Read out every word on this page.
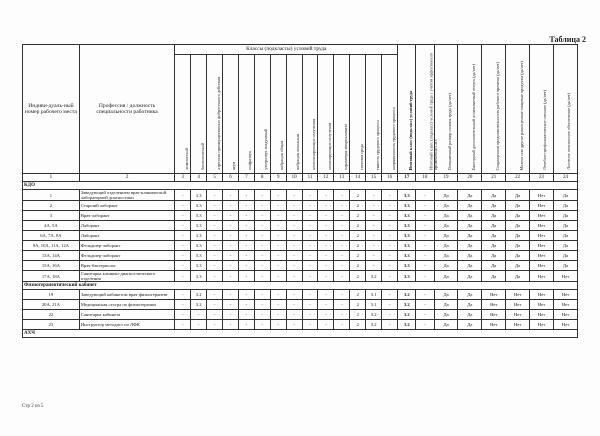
Таблица 2
Индиви-дуаль-ный номер рабочего места	Профессия / должность специальности работника	Классы (подклассы) условий труда														Итоговый класс (подкласс) условий труда	Итоговый класс (подкласс) условий труда с учетом эффективного применения СИЗ	Повышенный размер оплаты труда (да/нет)	Ежегодный дополнительный оплачиваемый отпуск (да/нет)	Сокращенная продолжительность рабочего времени (да/нет)	Молоко или другие равноценные пищевые продукты (да/нет)	Лечебно-профилактическое питание (да/нет)	Льготное пенсионное обеспечение (да/нет)

		химический	биологический	аэрозоли преимущественно фиброгенного действия	шум	инфразвук	ультразвук воздушный	вибрация общая	вибрация локальная	неионизирующие излучения	ионизирующие излучения	параметры микроклимата	световая среда	тяжесть трудового процесса	напряженность трудового процесса								

1	2	3	4	5	6	7	8	9	10	11	12	13	14	15	16	17	18	19	20	21	22	23	24
КДО																							
1	Заведующий отделением врач-клинической лабораторной диагностики	-	3.3	-	-	-	-	-	-	-	-	-	2	-	-	3.3	-	Да	Да	Да	Да	Нет	Да
2	Старший лаборант	-	3.3	-	-	-	-	-	-	-	-	-	2	-	-	3.3	-	Да	Да	Да	Да	Нет	Да
3	Врач-лаборант	-	3.3	-	-	-	-	-	-	-	-	-	2	-	-	3.3	-	Да	Да	Да	Да	Нет	Да
4А, 5А	Лаборант	-	3.3	-	-	-	-	-	-	-	-	-	2	-	-	3.3	-	Да	Да	Да	Да	Нет	Да
6А, 7А, 8А	Лаборант	-	3.3	-	-	-	-	-	-	-	-	-	2	-	-	3.3	-	Да	Да	Да	Да	Нет	Да
9А, 10А, 11А, 12А	Фельдшер-лаборант	-	3.3	-	-	-	-	-	-	-	-	-	2	-	-	3.3	-	Да	Да	Да	Да	Нет	Да
13А, 14А	Фельдшер-лаборант	-	3.3	-	-	-	-	-	-	-	-	-	2	-	-	3.3	-	Да	Да	Да	Да	Нет	Да
15А, 16А	Врач-бактериолог	-	3.3	-	-	-	-	-	-	-	-	-	2	-	-	3.3	-	Да	Да	Да	Да	Нет	Да
17А, 18А	Санитарка клинико-диагностического отделения	-	3.3	-	-	-	-	-	-	-	-	-	2	3.2	-	3.3	-	Да	Да	Да	Да	Нет	Нет
Физиотерапевтический кабинет																							
19	Заведующий кабинетом врач-физиотерапевт	-	3.2	-	-	-	-	-	-	-	-	-	2	3.1	-	3.2	-	Да	Да	Нет	Нет	Нет	Нет
20А, 21А	Медицинская сестра по физиотерапии	-	3.2	-	-	-	-	-	-	-	-	-	2	3.1	-	3.2	-	Да	Да	Нет	Нет	Нет	Нет
22	Санитарка кабинета	-	-	-	-	-	-	-	-	-	-	-	2	3.2	-	3.2	-	Да	Да	Нет	Нет	Нет	Нет
23	Инструктор методист по ЛФК	-	-	-	-	-	-	-	-	-	-	-	2	3.2	-	3.2	-	Да	Да	Нет	Нет	Нет	Нет
АХЧ																							
Стр 2 из 5
